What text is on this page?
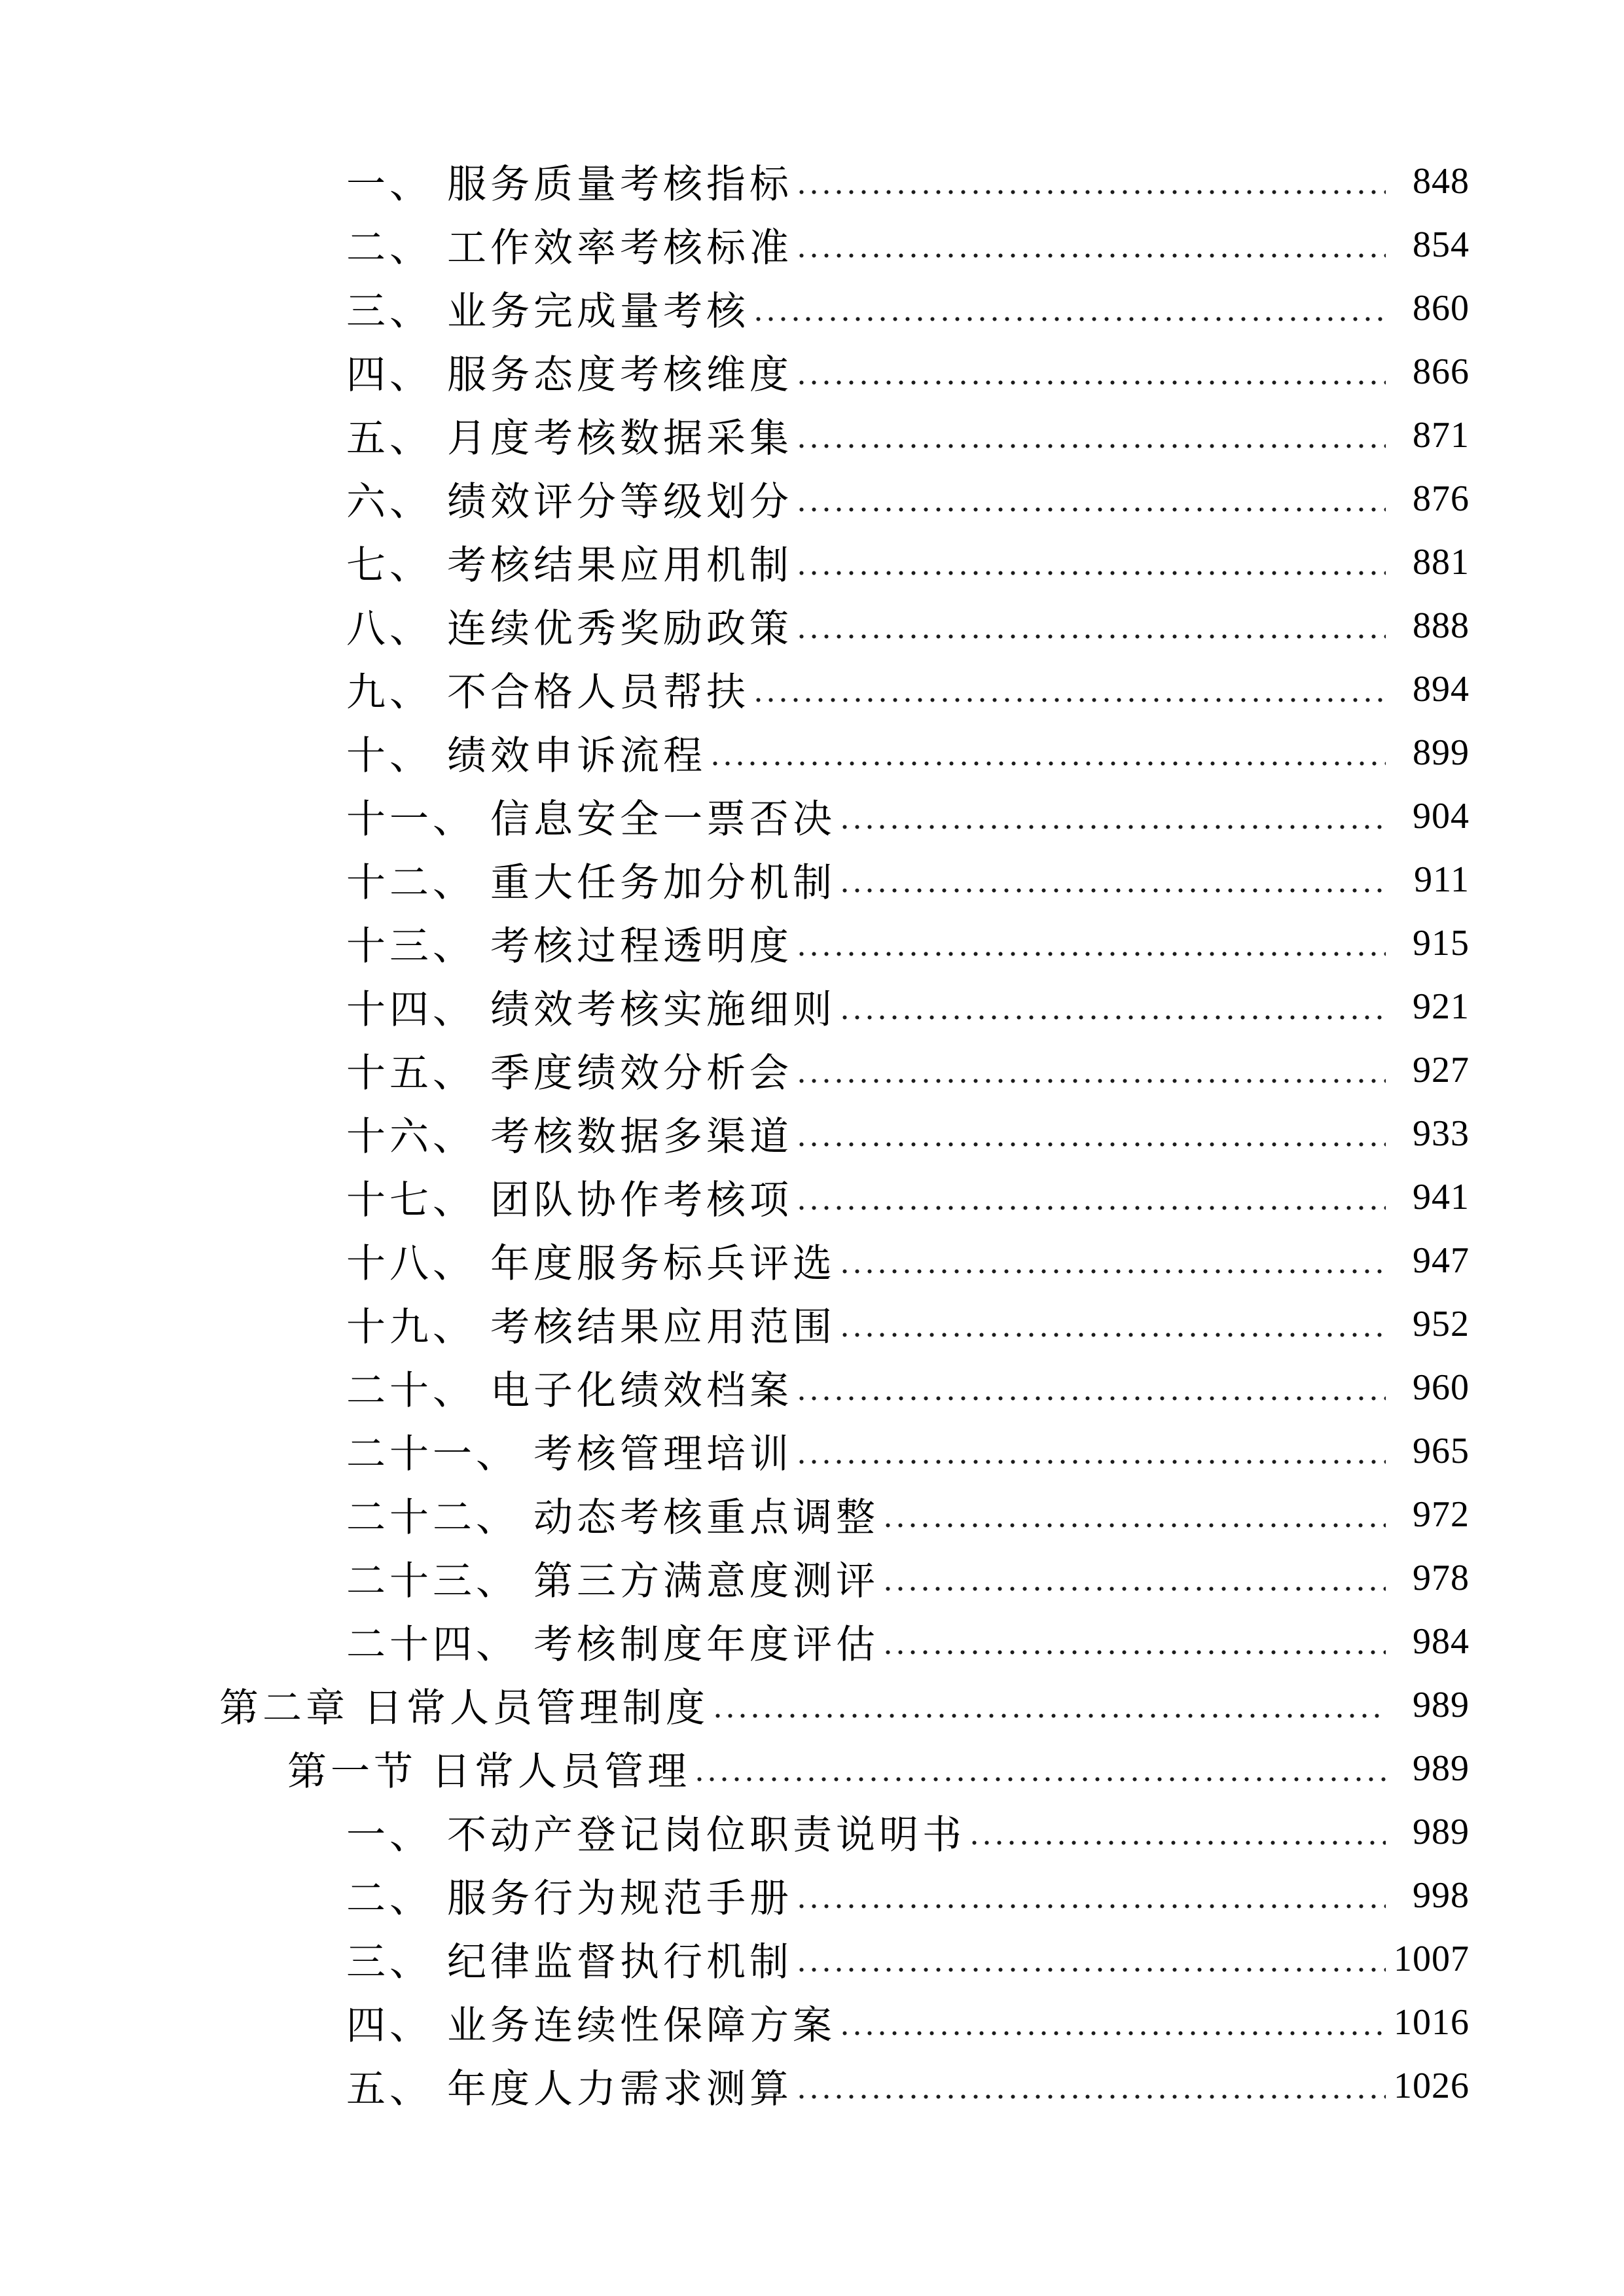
一、 服务质量考核指标	848
二、 工作效率考核标准	854
三、 业务完成量考核	860
四、 服务态度考核维度	866
五、 月度考核数据采集	871
六、 绩效评分等级划分	876
七、 考核结果应用机制	881
八、 连续优秀奖励政策	888
九、 不合格人员帮扶	894
十、 绩效申诉流程	899
十一、 信息安全一票否决	904
十二、 重大任务加分机制	911
十三、 考核过程透明度	915
十四、 绩效考核实施细则	921
十五、 季度绩效分析会	927
十六、 考核数据多渠道	933
十七、 团队协作考核项	941
十八、 年度服务标兵评选	947
十九、 考核结果应用范围	952
二十、 电子化绩效档案	960
二十一、 考核管理培训	965
二十二、 动态考核重点调整	972
二十三、 第三方满意度测评	978
二十四、 考核制度年度评估	984
第二章 日常人员管理制度	989
第一节 日常人员管理	989
一、 不动产登记岗位职责说明书	989
二、 服务行为规范手册	998
三、 纪律监督执行机制	1007
四、 业务连续性保障方案	1016
五、 年度人力需求测算	1026
